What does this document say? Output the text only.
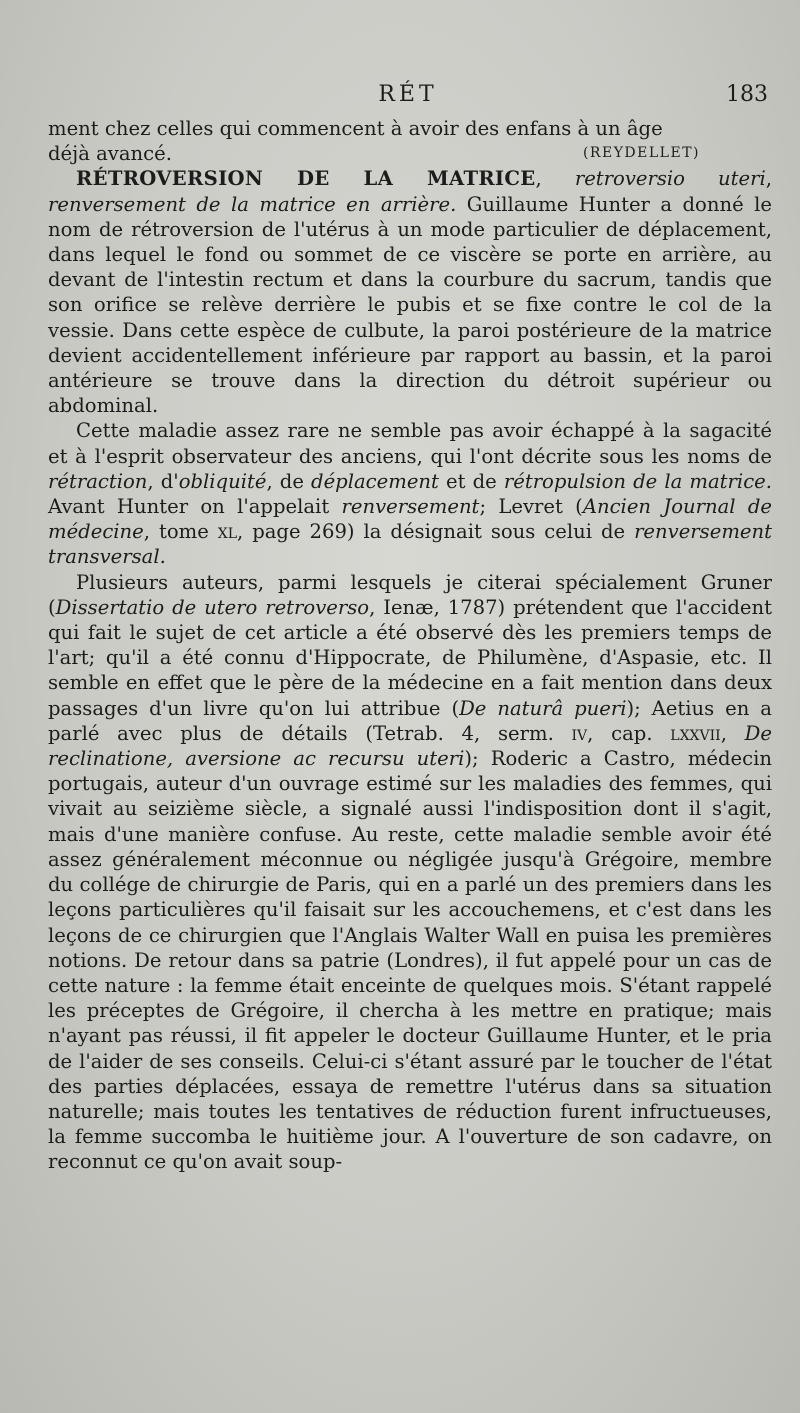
RÉT	183

ment chez celles qui commencent à avoir des enfans à un âge

déjà avancé.	(REYDELLET)

RÉTROVERSION DE LA MATRICE, retroversio uteri, renversement de la matrice en arrière. Guillaume Hunter a donné le nom de rétroversion de l'utérus à un mode particulier de déplacement, dans lequel le fond ou sommet de ce viscère se porte en arrière, au devant de l'intestin rectum et dans la courbure du sacrum, tandis que son orifice se relève derrière le pubis et se fixe contre le col de la vessie. Dans cette espèce de culbute, la paroi postérieure de la matrice devient accidentellement inférieure par rapport au bassin, et la paroi antérieure se trouve dans la direction du détroit supérieur ou abdominal.

Cette maladie assez rare ne semble pas avoir échappé à la sagacité et à l'esprit observateur des anciens, qui l'ont décrite sous les noms de rétraction, d'obliquité, de déplacement et de rétropulsion de la matrice. Avant Hunter on l'appelait renversement; Levret (Ancien Journal de médecine, tome xl, page 269) la désignait sous celui de renversement transversal.

Plusieurs auteurs, parmi lesquels je citerai spécialement Gruner (Dissertatio de utero retroverso, Ienæ, 1787) prétendent que l'accident qui fait le sujet de cet article a été observé dès les premiers temps de l'art; qu'il a été connu d'Hippocrate, de Philumène, d'Aspasie, etc. Il semble en effet que le père de la médecine en a fait mention dans deux passages d'un livre qu'on lui attribue (De naturâ pueri); Aetius en a parlé avec plus de détails (Tetrab. 4, serm. iv, cap. lxxvii, De reclinatione, aversione ac recursu uteri); Roderic a Castro, médecin portugais, auteur d'un ouvrage estimé sur les maladies des femmes, qui vivait au seizième siècle, a signalé aussi l'indisposition dont il s'agit, mais d'une manière confuse. Au reste, cette maladie semble avoir été assez généralement méconnue ou négligée jusqu'à Grégoire, membre du collége de chirurgie de Paris, qui en a parlé un des premiers dans les leçons particulières qu'il faisait sur les accouchemens, et c'est dans les leçons de ce chirurgien que l'Anglais Walter Wall en puisa les premières notions. De retour dans sa patrie (Londres), il fut appelé pour un cas de cette nature : la femme était enceinte de quelques mois. S'étant rappelé les préceptes de Grégoire, il chercha à les mettre en pratique; mais n'ayant pas réussi, il fit appeler le docteur Guillaume Hunter, et le pria de l'aider de ses conseils. Celui-ci s'étant assuré par le toucher de l'état des parties déplacées, essaya de remettre l'utérus dans sa situation naturelle; mais toutes les tentatives de réduction furent infructueuses, la femme succomba le huitième jour. A l'ouverture de son cadavre, on reconnut ce qu'on avait soup-
